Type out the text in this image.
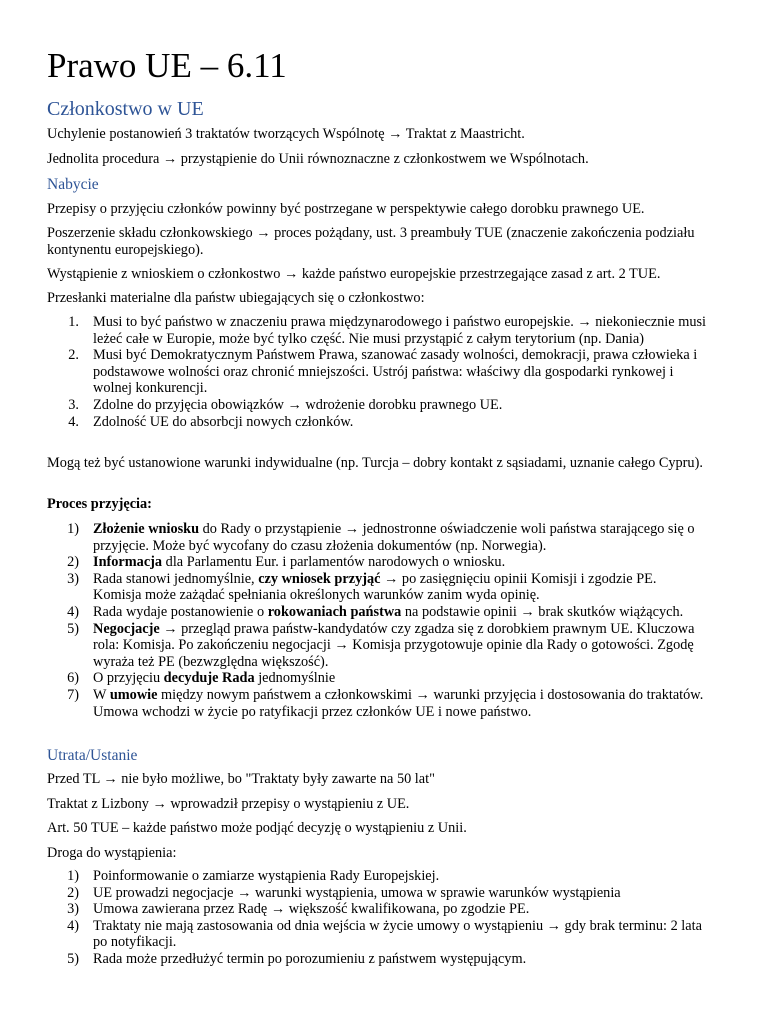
Prawo UE – 6.11
Członkostwo w UE

Uchylenie postanowień 3 traktatów tworzących Wspólnotę → Traktat z Maastricht.

Jednolita procedura → przystąpienie do Unii równoznaczne z członkostwem we Wspólnotach.

Nabycie

Przepisy o przyjęciu członków powinny być postrzegane w perspektywie całego dorobku prawnego UE.

Poszerzenie składu członkowskiego → proces pożądany, ust. 3 preambuły TUE (znaczenie zakończenia podziału kontynentu europejskiego).

Wystąpienie z wnioskiem o członkostwo → każde państwo europejskie przestrzegające zasad z art. 2 TUE.

Przesłanki materialne dla państw ubiegających się o członkostwo:

1. Musi to być państwo w znaczeniu prawa międzynarodowego i państwo europejskie. → niekoniecznie musi leżeć całe w Europie, może być tylko część. Nie musi przystąpić z całym terytorium (np. Dania)
2. Musi być Demokratycznym Państwem Prawa, szanować zasady wolności, demokracji, prawa człowieka i podstawowe wolności oraz chronić mniejszości. Ustrój państwa: właściwy dla gospodarki rynkowej i wolnej konkurencji.
3. Zdolne do przyjęcia obowiązków → wdrożenie dorobku prawnego UE.
4. Zdolność UE do absorbcji nowych członków.

Mogą też być ustanowione warunki indywidualne (np. Turcja – dobry kontakt z sąsiadami, uznanie całego Cypru).

Proces przyjęcia:

1) Złożenie wniosku do Rady o przystąpienie → jednostronne oświadczenie woli państwa starającego się o przyjęcie. Może być wycofany do czasu złożenia dokumentów (np. Norwegia).
2) Informacja dla Parlamentu Eur. i parlamentów narodowych o wniosku.
3) Rada stanowi jednomyślnie, czy wniosek przyjąć → po zasięgnięciu opinii Komisji i zgodzie PE. Komisja może zażądać spełniania określonych warunków zanim wyda opinię.
4) Rada wydaje postanowienie o rokowaniach państwa na podstawie opinii → brak skutków wiążących.
5) Negocjacje → przegląd prawa państw-kandydatów czy zgadza się z dorobkiem prawnym UE. Kluczowa rola: Komisja. Po zakończeniu negocjacji → Komisja przygotowuje opinie dla Rady o gotowości. Zgodę wyraża też PE (bezwzględna większość).
6) O przyjęciu decyduje Rada jednomyślnie
7) W umowie między nowym państwem a członkowskimi → warunki przyjęcia i dostosowania do traktatów. Umowa wchodzi w życie po ratyfikacji przez członków UE i nowe państwo.
Utrata/Ustanie

Przed TL → nie było możliwe, bo "Traktaty były zawarte na 50 lat"

Traktat z Lizbony → wprowadził przepisy o wystąpieniu z UE.

Art. 50 TUE – każde państwo może podjąć decyzję o wystąpieniu z Unii.

Droga do wystąpienia:

1) Poinformowanie o zamiarze wystąpienia Rady Europejskiej.
2) UE prowadzi negocjacje → warunki wystąpienia, umowa w sprawie warunków wystąpienia
3) Umowa zawierana przez Radę → większość kwalifikowana, po zgodzie PE.
4) Traktaty nie mają zastosowania od dnia wejścia w życie umowy o wystąpieniu → gdy brak terminu: 2 lata po notyfikacji.
5) Rada może przedłużyć termin po porozumieniu z państwem występującym.
